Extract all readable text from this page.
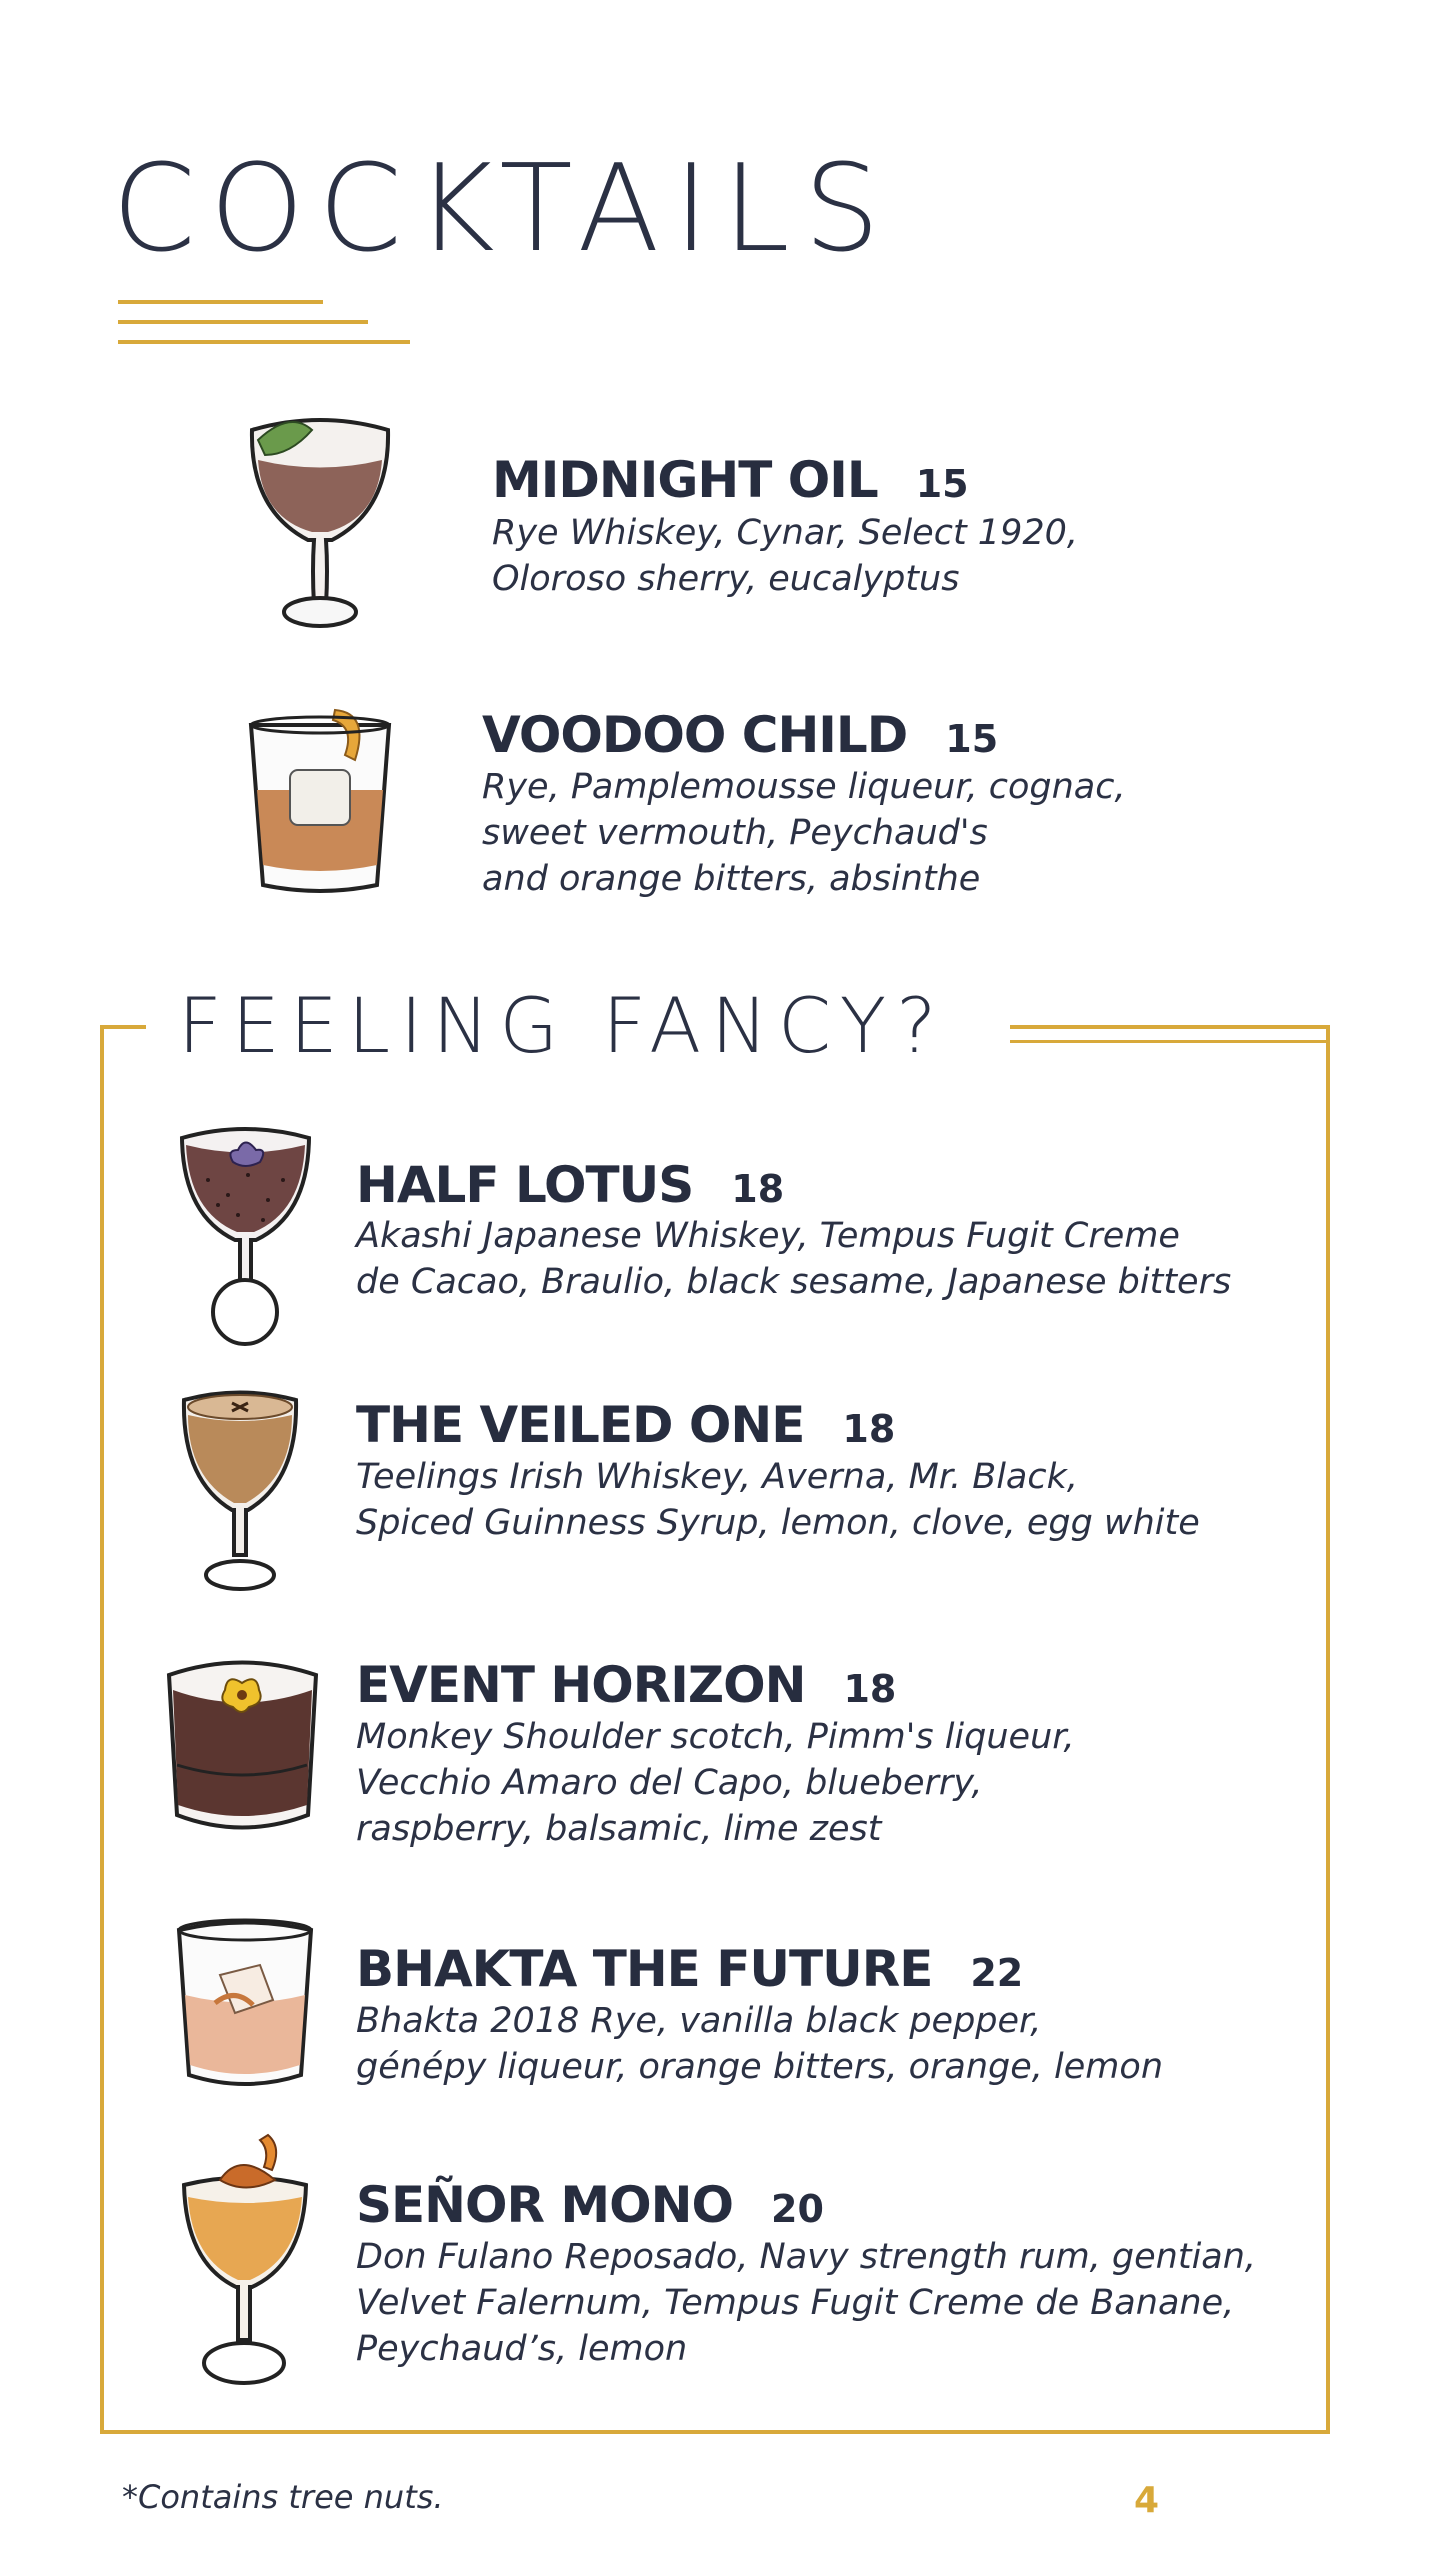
COCKTAILS
MIDNIGHT OIL 15

Rye Whiskey, Cynar, Select 1920,
Oloroso sherry, eucalyptus

VOODOO CHILD 15

Rye, Pamplemousse liqueur, cognac,
sweet vermouth, Peychaud's
and orange bitters, absinthe

FEELING FANCY?
HALF LOTUS 18

Akashi Japanese Whiskey, Tempus Fugit Creme
de Cacao, Braulio, black sesame, Japanese bitters

THE VEILED ONE 18

Teelings Irish Whiskey, Averna, Mr. Black,
Spiced Guinness Syrup, lemon, clove, egg white

EVENT HORIZON 18

Monkey Shoulder scotch, Pimm's liqueur,
Vecchio Amaro del Capo, blueberry,
raspberry, balsamic, lime zest

BHAKTA THE FUTURE 22

Bhakta 2018 Rye, vanilla black pepper,
génépy liqueur, orange bitters, orange, lemon

SEÑOR MONO 20

Don Fulano Reposado, Navy strength rum, gentian,
Velvet Falernum, Tempus Fugit Creme de Banane,
Peychaud’s, lemon

*Contains tree nuts.	4
